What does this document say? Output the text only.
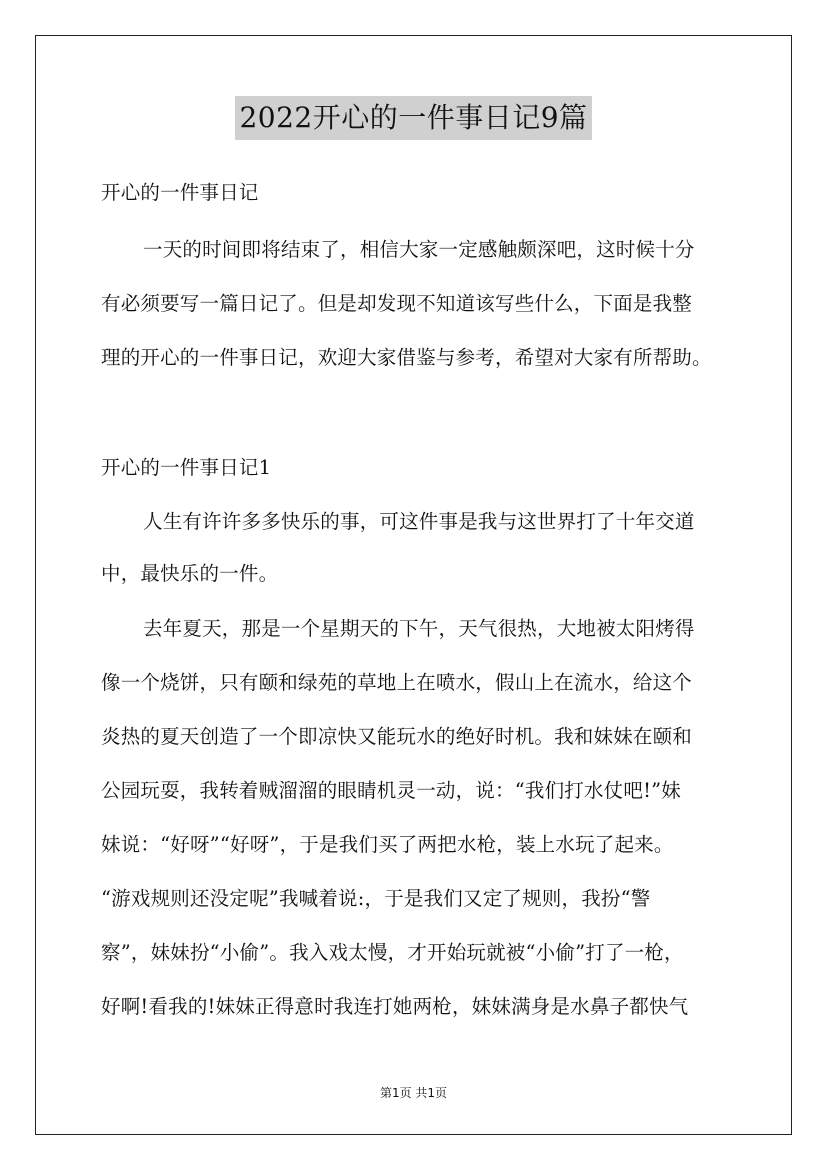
2022开心的一件事日记9篇
开心的一件事日记
一天的时间即将结束了，相信大家一定感触颇深吧，这时候十分
有必须要写一篇日记了。但是却发现不知道该写些什么，下面是我整
理的开心的一件事日记，欢迎大家借鉴与参考，希望对大家有所帮助。
开心的一件事日记1
人生有许许多多快乐的事，可这件事是我与这世界打了十年交道
中，最快乐的一件。
去年夏天，那是一个星期天的下午，天气很热，大地被太阳烤得
像一个烧饼，只有颐和绿苑的草地上在喷水，假山上在流水，给这个
炎热的夏天创造了一个即凉快又能玩水的绝好时机。我和妹妹在颐和
公园玩耍，我转着贼溜溜的眼睛机灵一动，说：“我们打水仗吧!”妹
妹说：“好呀”“好呀”，于是我们买了两把水枪，装上水玩了起来。
“游戏规则还没定呢”我喊着说:，于是我们又定了规则，我扮“警
察”，妹妹扮“小偷”。我入戏太慢，才开始玩就被“小偷”打了一枪，
好啊!看我的!妹妹正得意时我连打她两枪，妹妹满身是水鼻子都快气
第1页 共1页
